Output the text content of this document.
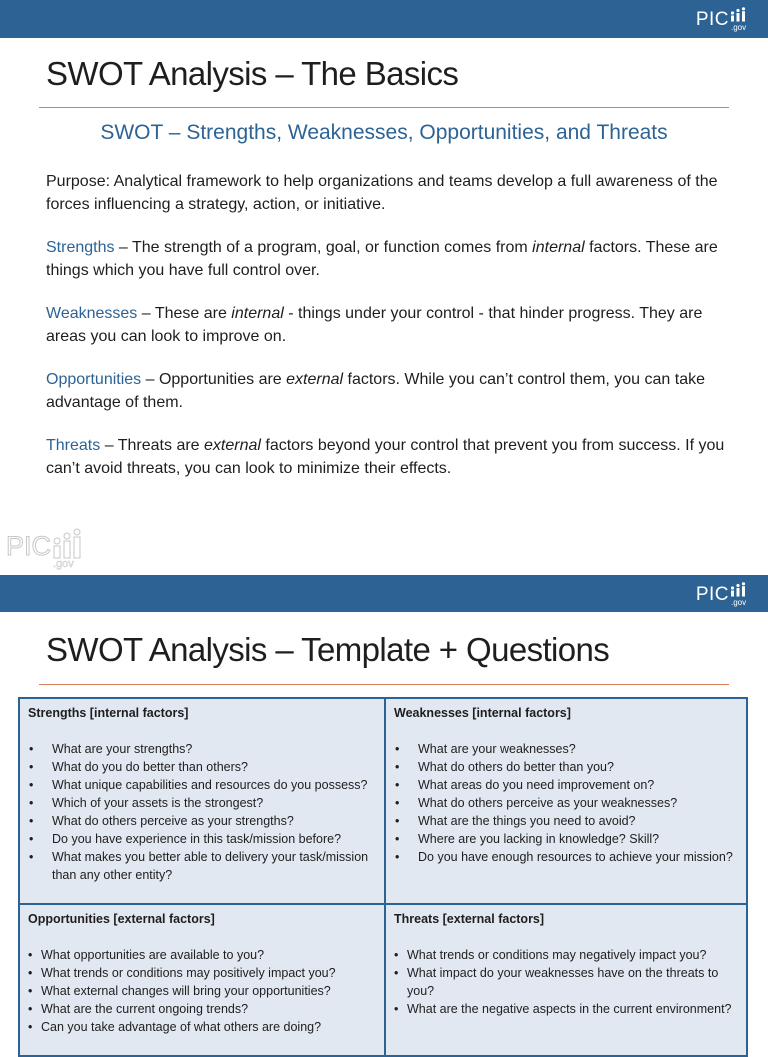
PIC .gov
SWOT Analysis – The Basics
SWOT – Strengths, Weaknesses, Opportunities, and Threats
Purpose: Analytical framework to help organizations and teams develop a full awareness of the forces influencing a strategy, action, or initiative.
Strengths – The strength of a program, goal, or function comes from internal factors. These are things which you have full control over.
Weaknesses – These are internal - things under your control - that hinder progress. They are areas you can look to improve on.
Opportunities – Opportunities are external factors. While you can’t control them, you can take advantage of them.
Threats – Threats are external factors beyond your control that prevent you from success. If you can’t avoid threats, you can look to minimize their effects.
PIC
.gov
PIC .gov
SWOT Analysis – Template + Questions
Strengths [internal factors]
• What are your strengths?
• What do you do better than others?
• What unique capabilities and resources do you possess?
• Which of your assets is the strongest?
• What do others perceive as your strengths?
• Do you have experience in this task/mission before?
• What makes you better able to delivery your task/mission than any other entity?
Weaknesses [internal factors]
• What are your weaknesses?
• What do others do better than you?
• What areas do you need improvement on?
• What do others perceive as your weaknesses?
• What are the things you need to avoid?
• Where are you lacking in knowledge? Skill?
• Do you have enough resources to achieve your mission?
Opportunities [external factors]
• What opportunities are available to you?
• What trends or conditions may positively impact you?
• What external changes will bring your opportunities?
• What are the current ongoing trends?
• Can you take advantage of what others are doing?
Threats [external factors]
• What trends or conditions may negatively impact you?
• What impact do your weaknesses have on the threats to you?
• What are the negative aspects in the current environment?
